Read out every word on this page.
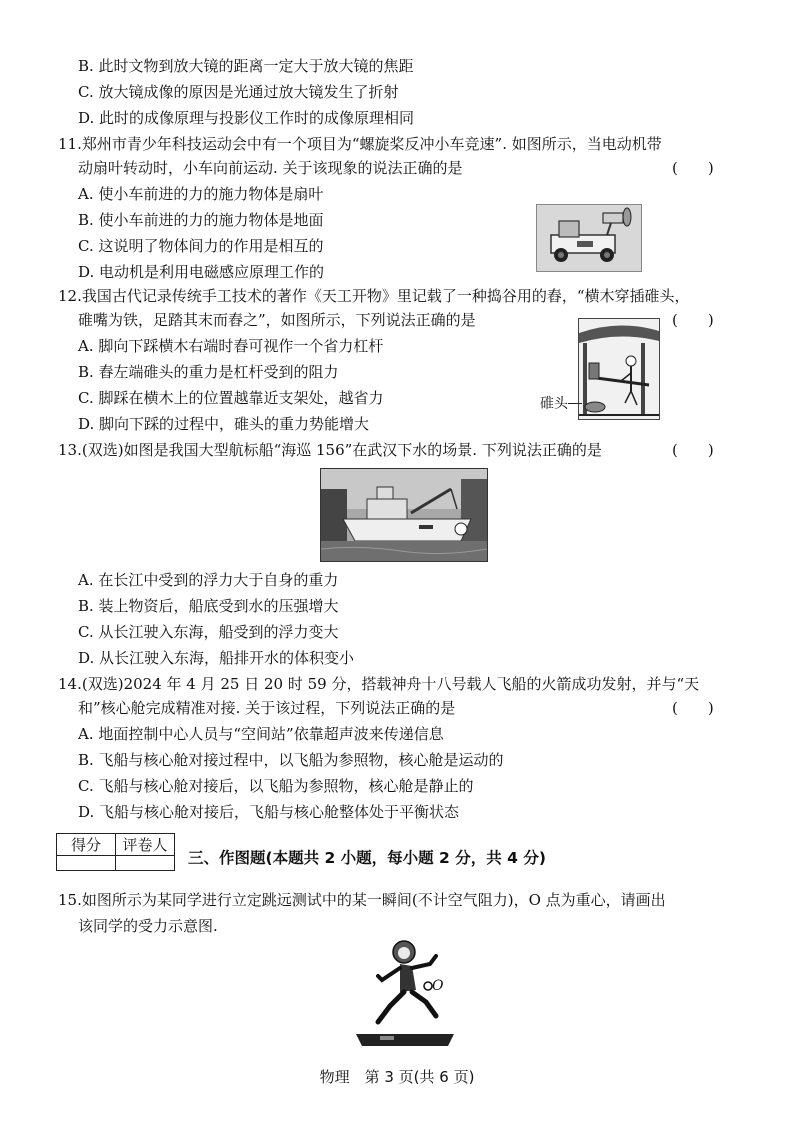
B. 此时文物到放大镜的距离一定大于放大镜的焦距
C. 放大镜成像的原因是光通过放大镜发生了折射
D. 此时的成像原理与投影仪工作时的成像原理相同
11.郑州市青少年科技运动会中有一个项目为“螺旋桨反冲小车竞速”. 如图所示，当电动机带
动扇叶转动时，小车向前运动. 关于该现象的说法正确的是	(　　)
A. 使小车前进的力的施力物体是扇叶
B. 使小车前进的力的施力物体是地面
C. 这说明了物体间力的作用是相互的
D. 电动机是利用电磁感应原理工作的
12.我国古代记录传统手工技术的著作《天工开物》里记载了一种捣谷用的舂，“横木穿插碓头，
碓嘴为铁，足踏其末而舂之”，如图所示，下列说法正确的是	(　　)
A. 脚向下踩横木右端时舂可视作一个省力杠杆
B. 舂左端碓头的重力是杠杆受到的阻力
C. 脚踩在横木上的位置越靠近支架处，越省力
D. 脚向下踩的过程中，碓头的重力势能增大
碓头
13.(双选)如图是我国大型航标船“海巡 156”在武汉下水的场景. 下列说法正确的是	(　　)
A. 在长江中受到的浮力大于自身的重力
B. 装上物资后，船底受到水的压强增大
C. 从长江驶入东海，船受到的浮力变大
D. 从长江驶入东海，船排开水的体积变小
14.(双选)2024 年 4 月 25 日 20 时 59 分，搭载神舟十八号载人飞船的火箭成功发射，并与“天
和”核心舱完成精准对接. 关于该过程，下列说法正确的是	(　　)
A. 地面控制中心人员与“空间站”依靠超声波来传递信息
B. 飞船与核心舱对接过程中，以飞船为参照物，核心舱是运动的
C. 飞船与核心舱对接后，以飞船为参照物，核心舱是静止的
D. 飞船与核心舱对接后，飞船与核心舱整体处于平衡状态
得分	评卷人

三、作图题(本题共 2 小题，每小题 2 分，共 4 分)
15.如图所示为某同学进行立定跳远测试中的某一瞬间(不计空气阻力)，O 点为重心，请画出
该同学的受力示意图.
O
物理　第 3 页(共 6 页)
